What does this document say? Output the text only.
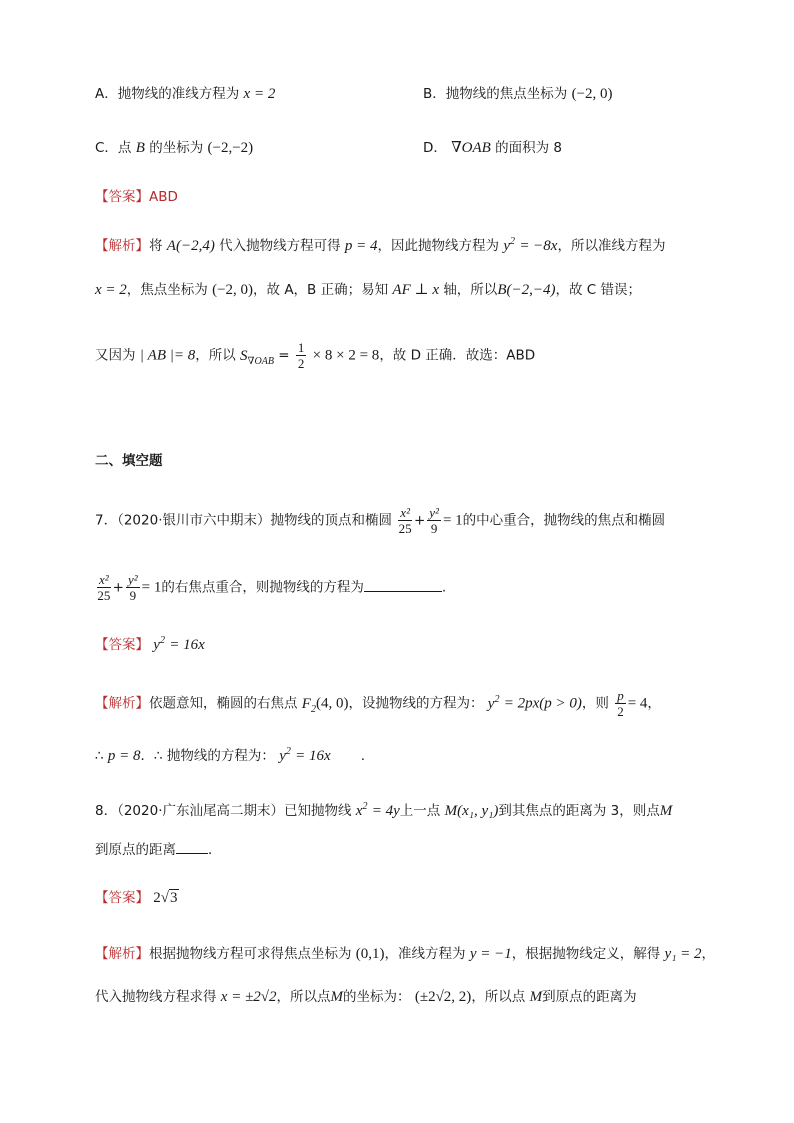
A．抛物线的准线方程为 x = 2	B．抛物线的焦点坐标为 (−2, 0)
C．点 B 的坐标为 (−2,−2)	D． ∇OAB 的面积为 8
【答案】ABD
【解析】将 A(−2,4) 代入抛物线方程可得 p = 4，因此抛物线方程为 $y^2 = -8x$，所以准线方程为
x = 2，焦点坐标为 (−2, 0)，故 A，B 正确；易知 AF ⊥ x 轴，所以B(−2,−4)，故 C 错误；
又因为 | AB |= 8，所以 $S_{\nabla OAB} = \frac{1}{2} \times 8 \times 2 = 8$，故 D 正确．故选：ABD
二、填空题
7．（2020·银川市六中期末）抛物线的顶点和椭圆 $\frac{\text{x²}}{25} + \frac{\text{y²}}{9} = 1$的中心重合，抛物线的焦点和椭圆
$\frac{\text{x²}}{25} + \frac{\text{y²}}{9} = 1$的右焦点重合，则抛物线的方程为	.
【答案】 $y^2 = 16x$
【解析】依题意知，椭圆的右焦点 $F_2(4$, 0)，设抛物线的方程为： $y^2 = 2px(p > 0)$，则 $\frac{p}{2} = 4$，
∴ p = 8．∴ 抛物线的方程为： $y^2 = 16x$       .
8．（2020·广东汕尾高二期末）已知抛物线 $x^2 = 4y$上一点 M(x₁, y₁)到其焦点的距离为 3，则点M
到原点的距离 ．
【答案】 2√3
【解析】根据抛物线方程可求得焦点坐标为 (0,1)，准线方程为 y = −1，根据抛物线定义，解得 y₁ = 2，
代入抛物线方程求得 x = ±2√2，所以点M的坐标为： (±2√2, 2)，所以点 M到原点的距离为
